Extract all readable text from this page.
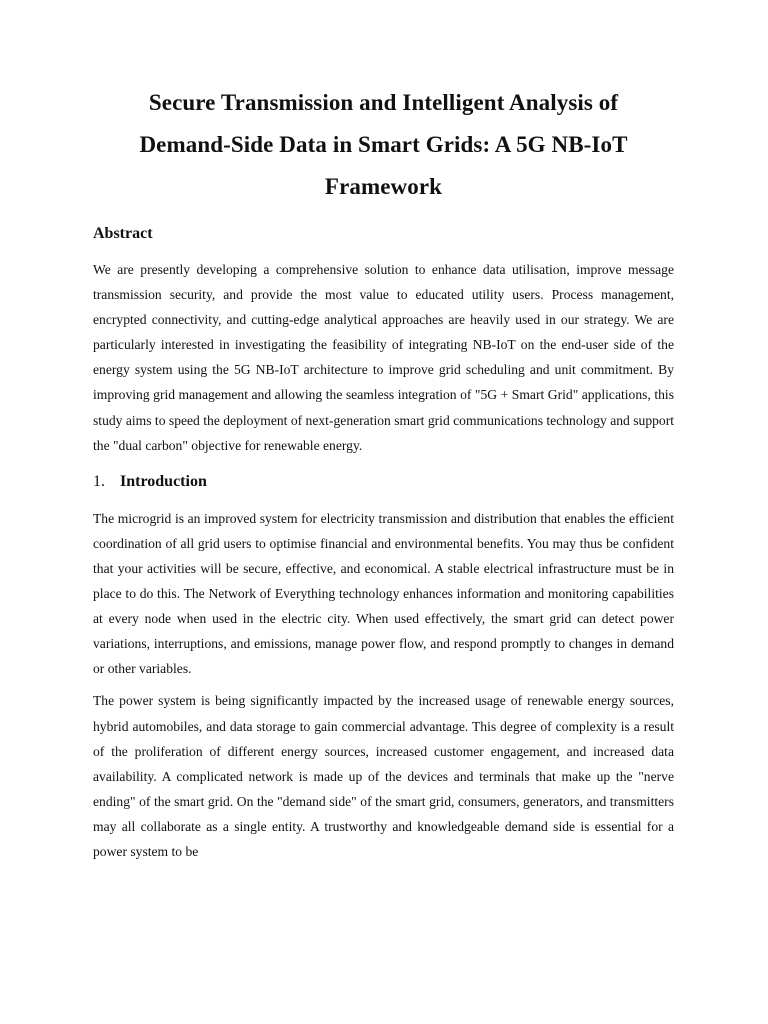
Secure Transmission and Intelligent Analysis of
Demand-Side Data in Smart Grids: A 5G NB-IoT
Framework
Abstract

We are presently developing a comprehensive solution to enhance data utilisation, improve message transmission security, and provide the most value to educated utility users. Process management, encrypted connectivity, and cutting-edge analytical approaches are heavily used in our strategy. We are particularly interested in investigating the feasibility of integrating NB-IoT on the end-user side of the energy system using the 5G NB-IoT architecture to improve grid scheduling and unit commitment. By improving grid management and allowing the seamless integration of "5G + Smart Grid" applications, this study aims to speed the deployment of next-generation smart grid communications technology and support the "dual carbon" objective for renewable energy.

1. Introduction

The microgrid is an improved system for electricity transmission and distribution that enables the efficient coordination of all grid users to optimise financial and environmental benefits. You may thus be confident that your activities will be secure, effective, and economical. A stable electrical infrastructure must be in place to do this. The Network of Everything technology enhances information and monitoring capabilities at every node when used in the electric city. When used effectively, the smart grid can detect power variations, interruptions, and emissions, manage power flow, and respond promptly to changes in demand or other variables.

The power system is being significantly impacted by the increased usage of renewable energy sources, hybrid automobiles, and data storage to gain commercial advantage. This degree of complexity is a result of the proliferation of different energy sources, increased customer engagement, and increased data availability. A complicated network is made up of the devices and terminals that make up the "nerve ending" of the smart grid. On the "demand side" of the smart grid, consumers, generators, and transmitters may all collaborate as a single entity. A trustworthy and knowledgeable demand side is essential for a power system to be
